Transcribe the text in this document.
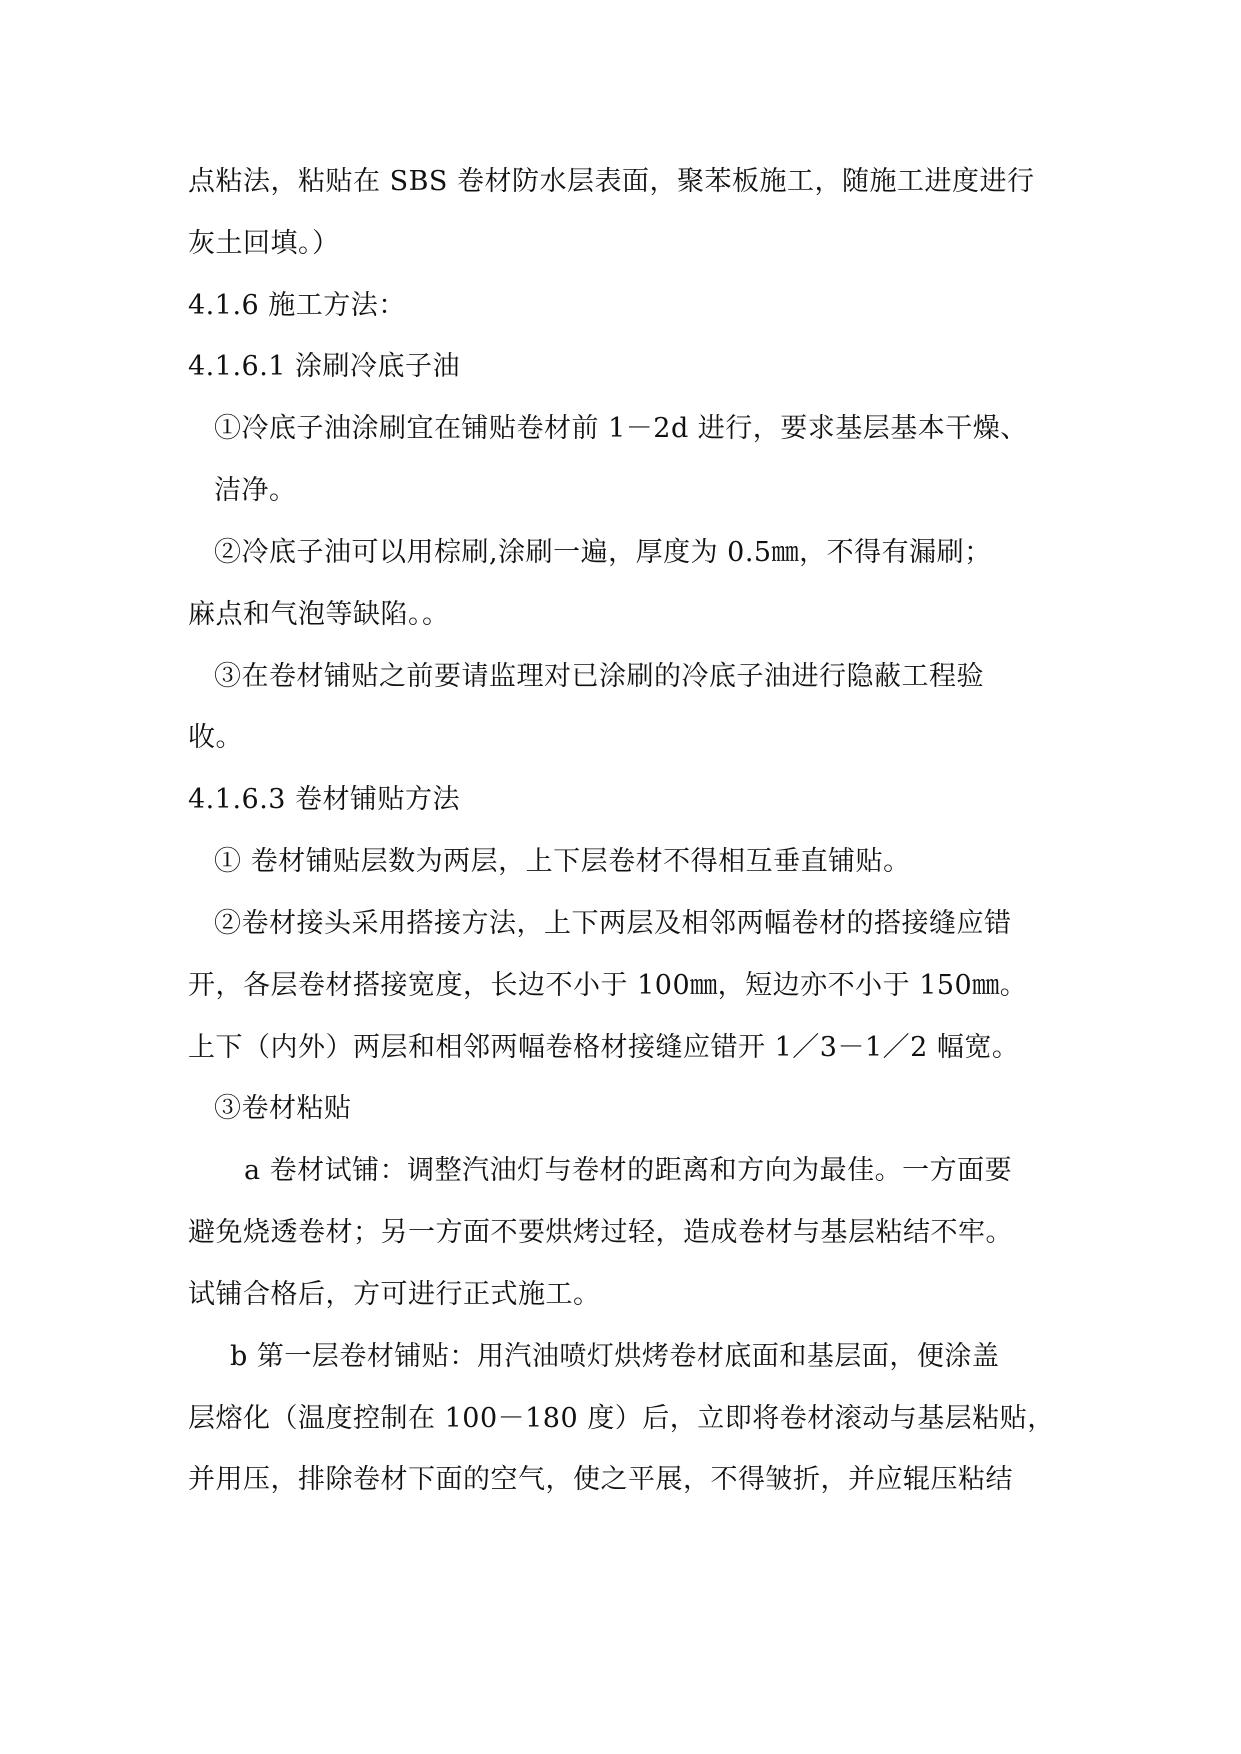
点粘法，粘贴在 SBS 卷材防水层表面，聚苯板施工，随施工进度进行
灰土回填。）
4.1.6 施工方法：
4.1.6.1 涂刷冷底子油
①冷底子油涂刷宜在铺贴卷材前 1－2d 进行，要求基层基本干燥、
洁净。
②冷底子油可以用棕刷,涂刷一遍，厚度为 0.5㎜，不得有漏刷；
麻点和气泡等缺陷。。
③在卷材铺贴之前要请监理对已涂刷的冷底子油进行隐蔽工程验
收。
4.1.6.3 卷材铺贴方法
① 卷材铺贴层数为两层，上下层卷材不得相互垂直铺贴。
②卷材接头采用搭接方法，上下两层及相邻两幅卷材的搭接缝应错
开，各层卷材搭接宽度，长边不小于 100㎜，短边亦不小于 150㎜。
上下（内外）两层和相邻两幅卷格材接缝应错开 1／3－1／2 幅宽。
③卷材粘贴
a 卷材试铺：调整汽油灯与卷材的距离和方向为最佳。一方面要
避免烧透卷材；另一方面不要烘烤过轻，造成卷材与基层粘结不牢。
试铺合格后，方可进行正式施工。
b 第一层卷材铺贴：用汽油喷灯烘烤卷材底面和基层面，便涂盖
层熔化（温度控制在 100－180 度）后，立即将卷材滚动与基层粘贴，
并用压，排除卷材下面的空气，使之平展，不得皱折，并应辊压粘结
